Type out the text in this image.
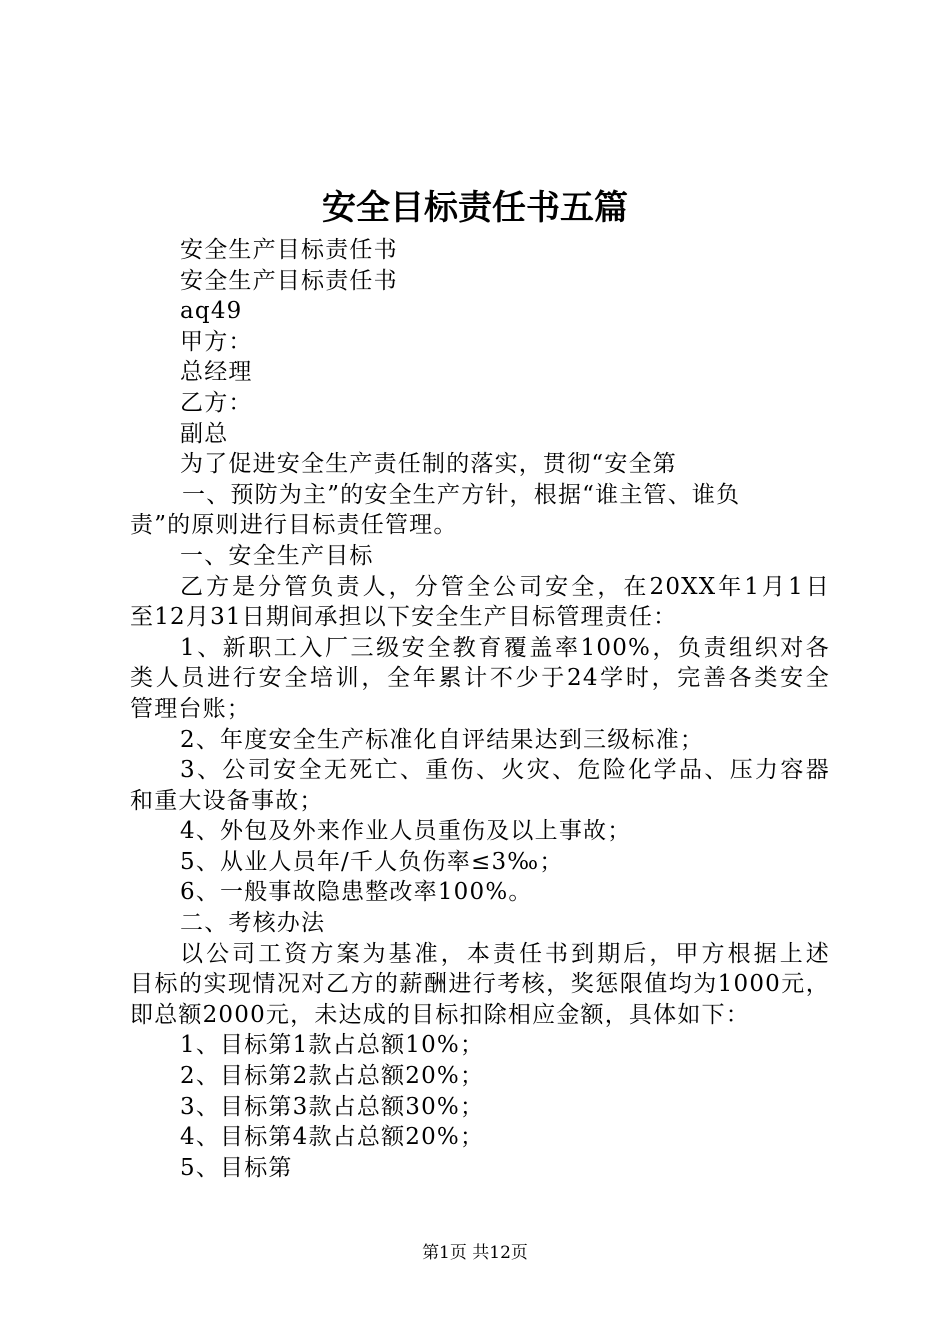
安全目标责任书五篇
安全生产目标责任书
安全生产目标责任书
aq49
甲方：
总经理
乙方：
副总
为了促进安全生产责任制的落实，贯彻“安全第
一、预防为主”的安全生产方针，根据“谁主管、谁负
责”的原则进行目标责任管理。
一、安全生产目标
乙方是分管负责人，分管全公司安全，在20XX年1月1日
至12月31日期间承担以下安全生产目标管理责任：
1、新职工入厂三级安全教育覆盖率100%，负责组织对各
类人员进行安全培训，全年累计不少于24学时，完善各类安全
管理台账；
2、年度安全生产标准化自评结果达到三级标准；
3、公司安全无死亡、重伤、火灾、危险化学品、压力容器
和重大设备事故；
4、外包及外来作业人员重伤及以上事故；
5、从业人员年/千人负伤率≤3‰；
6、一般事故隐患整改率100%。
二、考核办法
以公司工资方案为基准，本责任书到期后，甲方根据上述
目标的实现情况对乙方的薪酬进行考核，奖惩限值均为1000元，
即总额2000元，未达成的目标扣除相应金额，具体如下：
1、目标第1款占总额10%；
2、目标第2款占总额20%；
3、目标第3款占总额30%；
4、目标第4款占总额20%；
5、目标第
第1页 共12页
